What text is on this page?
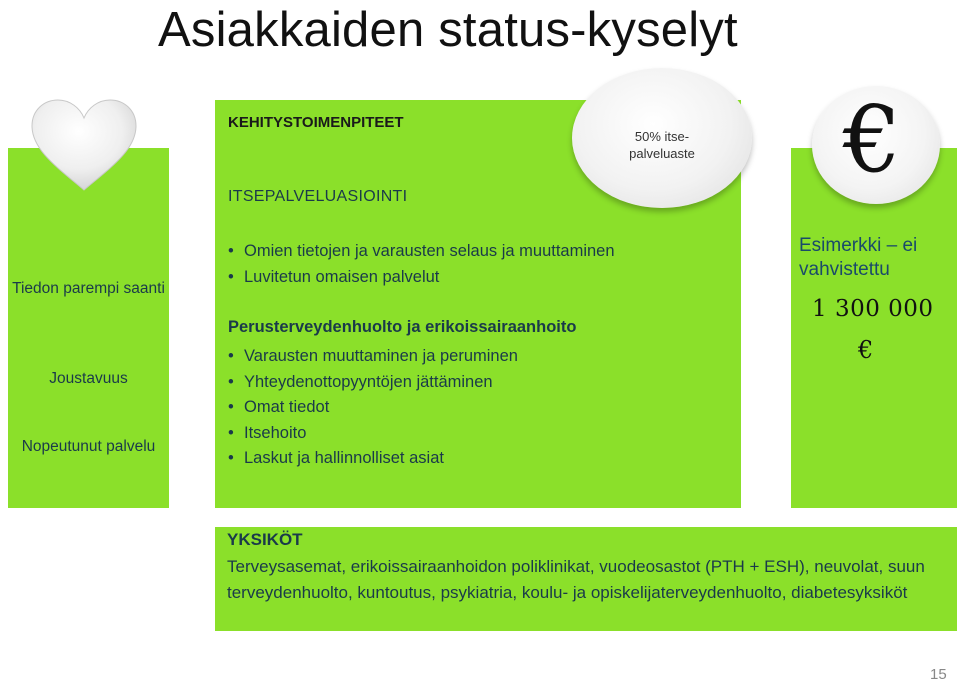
Asiakkaiden status-kyselyt
Tiedon parempi saanti
Joustavuus
Nopeutunut palvelu
KEHITYSTOIMENPITEET
50% itse-palveluaste
ITSEPALVELUASIOINTI
• Omien tietojen ja varausten selaus ja muuttaminen
• Luvitetun omaisen palvelut
Perusterveydenhuolto ja erikoissairaanhoito
• Varausten muuttaminen ja peruminen
• Yhteydenottopyyntöjen jättäminen
• Omat tiedot
• Itsehoito
• Laskut ja hallinnolliset asiat
€
Esimerkki – ei vahvistettu
1 300 000
€
YKSIKÖT
Terveysasemat, erikoissairaanhoidon poliklinikat, vuodeosastot (PTH + ESH), neuvolat, suun terveydenhuolto, kuntoutus, psykiatria, koulu- ja opiskelijaterveydenhuolto, diabetesyksiköt
15
